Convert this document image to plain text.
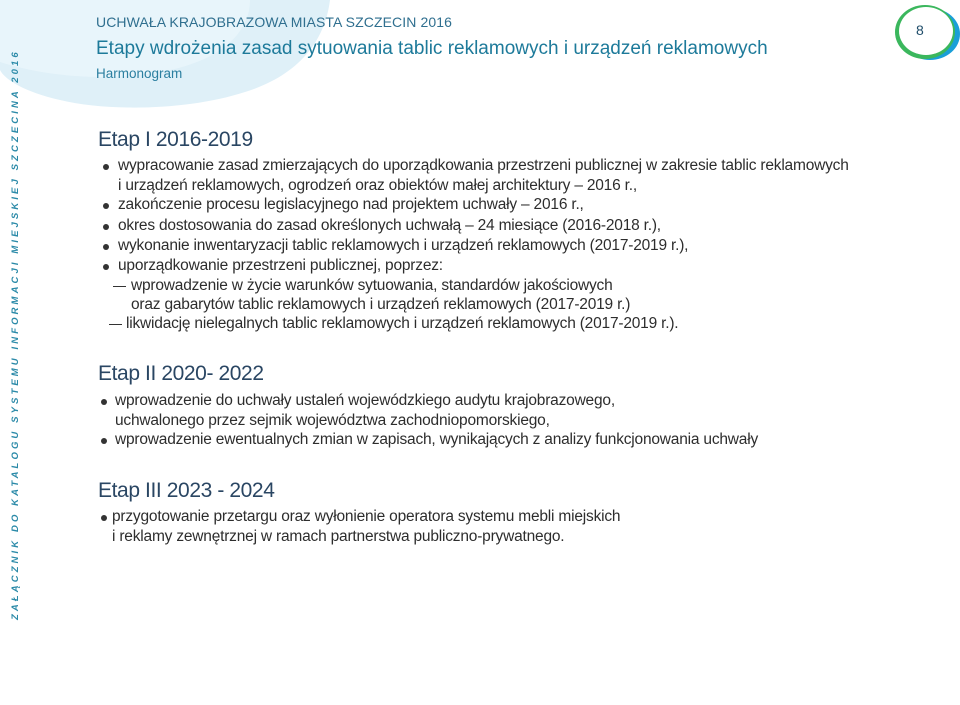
8
UCHWAŁA KRAJOBRAZOWA MIASTA SZCZECIN 2016
Etapy wdrożenia zasad sytuowania tablic reklamowych i urządzeń reklamowych
Harmonogram
ZAŁĄCZNIK DO KATALOGU SYSTEMU INFORMACJI MIEJSKIEJ SZCZECINA 2016	Etap I 2016-2019
wypracowanie zasad zmierzających do uporządkowania przestrzeni publicznej w zakresie tablic reklamowych
i urządzeń reklamowych, ogrodzeń oraz obiektów małej architektury – 2016 r.,
zakończenie procesu legislacyjnego nad projektem uchwały – 2016 r.,
okres dostosowania do zasad określonych uchwałą – 24 miesiące (2016-2018 r.),
wykonanie inwentaryzacji tablic reklamowych i urządzeń reklamowych (2017-2019 r.),
uporządkowanie przestrzeni publicznej, poprzez:
wprowadzenie w życie warunków sytuowania, standardów jakościowych
oraz gabarytów tablic reklamowych i urządzeń reklamowych (2017-2019 r.)
likwidację nielegalnych tablic reklamowych i urządzeń reklamowych (2017-2019 r.).
Etap II 2020- 2022
wprowadzenie do uchwały ustaleń wojewódzkiego audytu krajobrazowego,
uchwalonego przez sejmik województwa zachodniopomorskiego,
wprowadzenie ewentualnych zmian w zapisach, wynikających z analizy funkcjonowania uchwały
Etap III 2023 - 2024
przygotowanie przetargu oraz wyłonienie operatora systemu mebli miejskich
i reklamy zewnętrznej w ramach partnerstwa publiczno-prywatnego.
